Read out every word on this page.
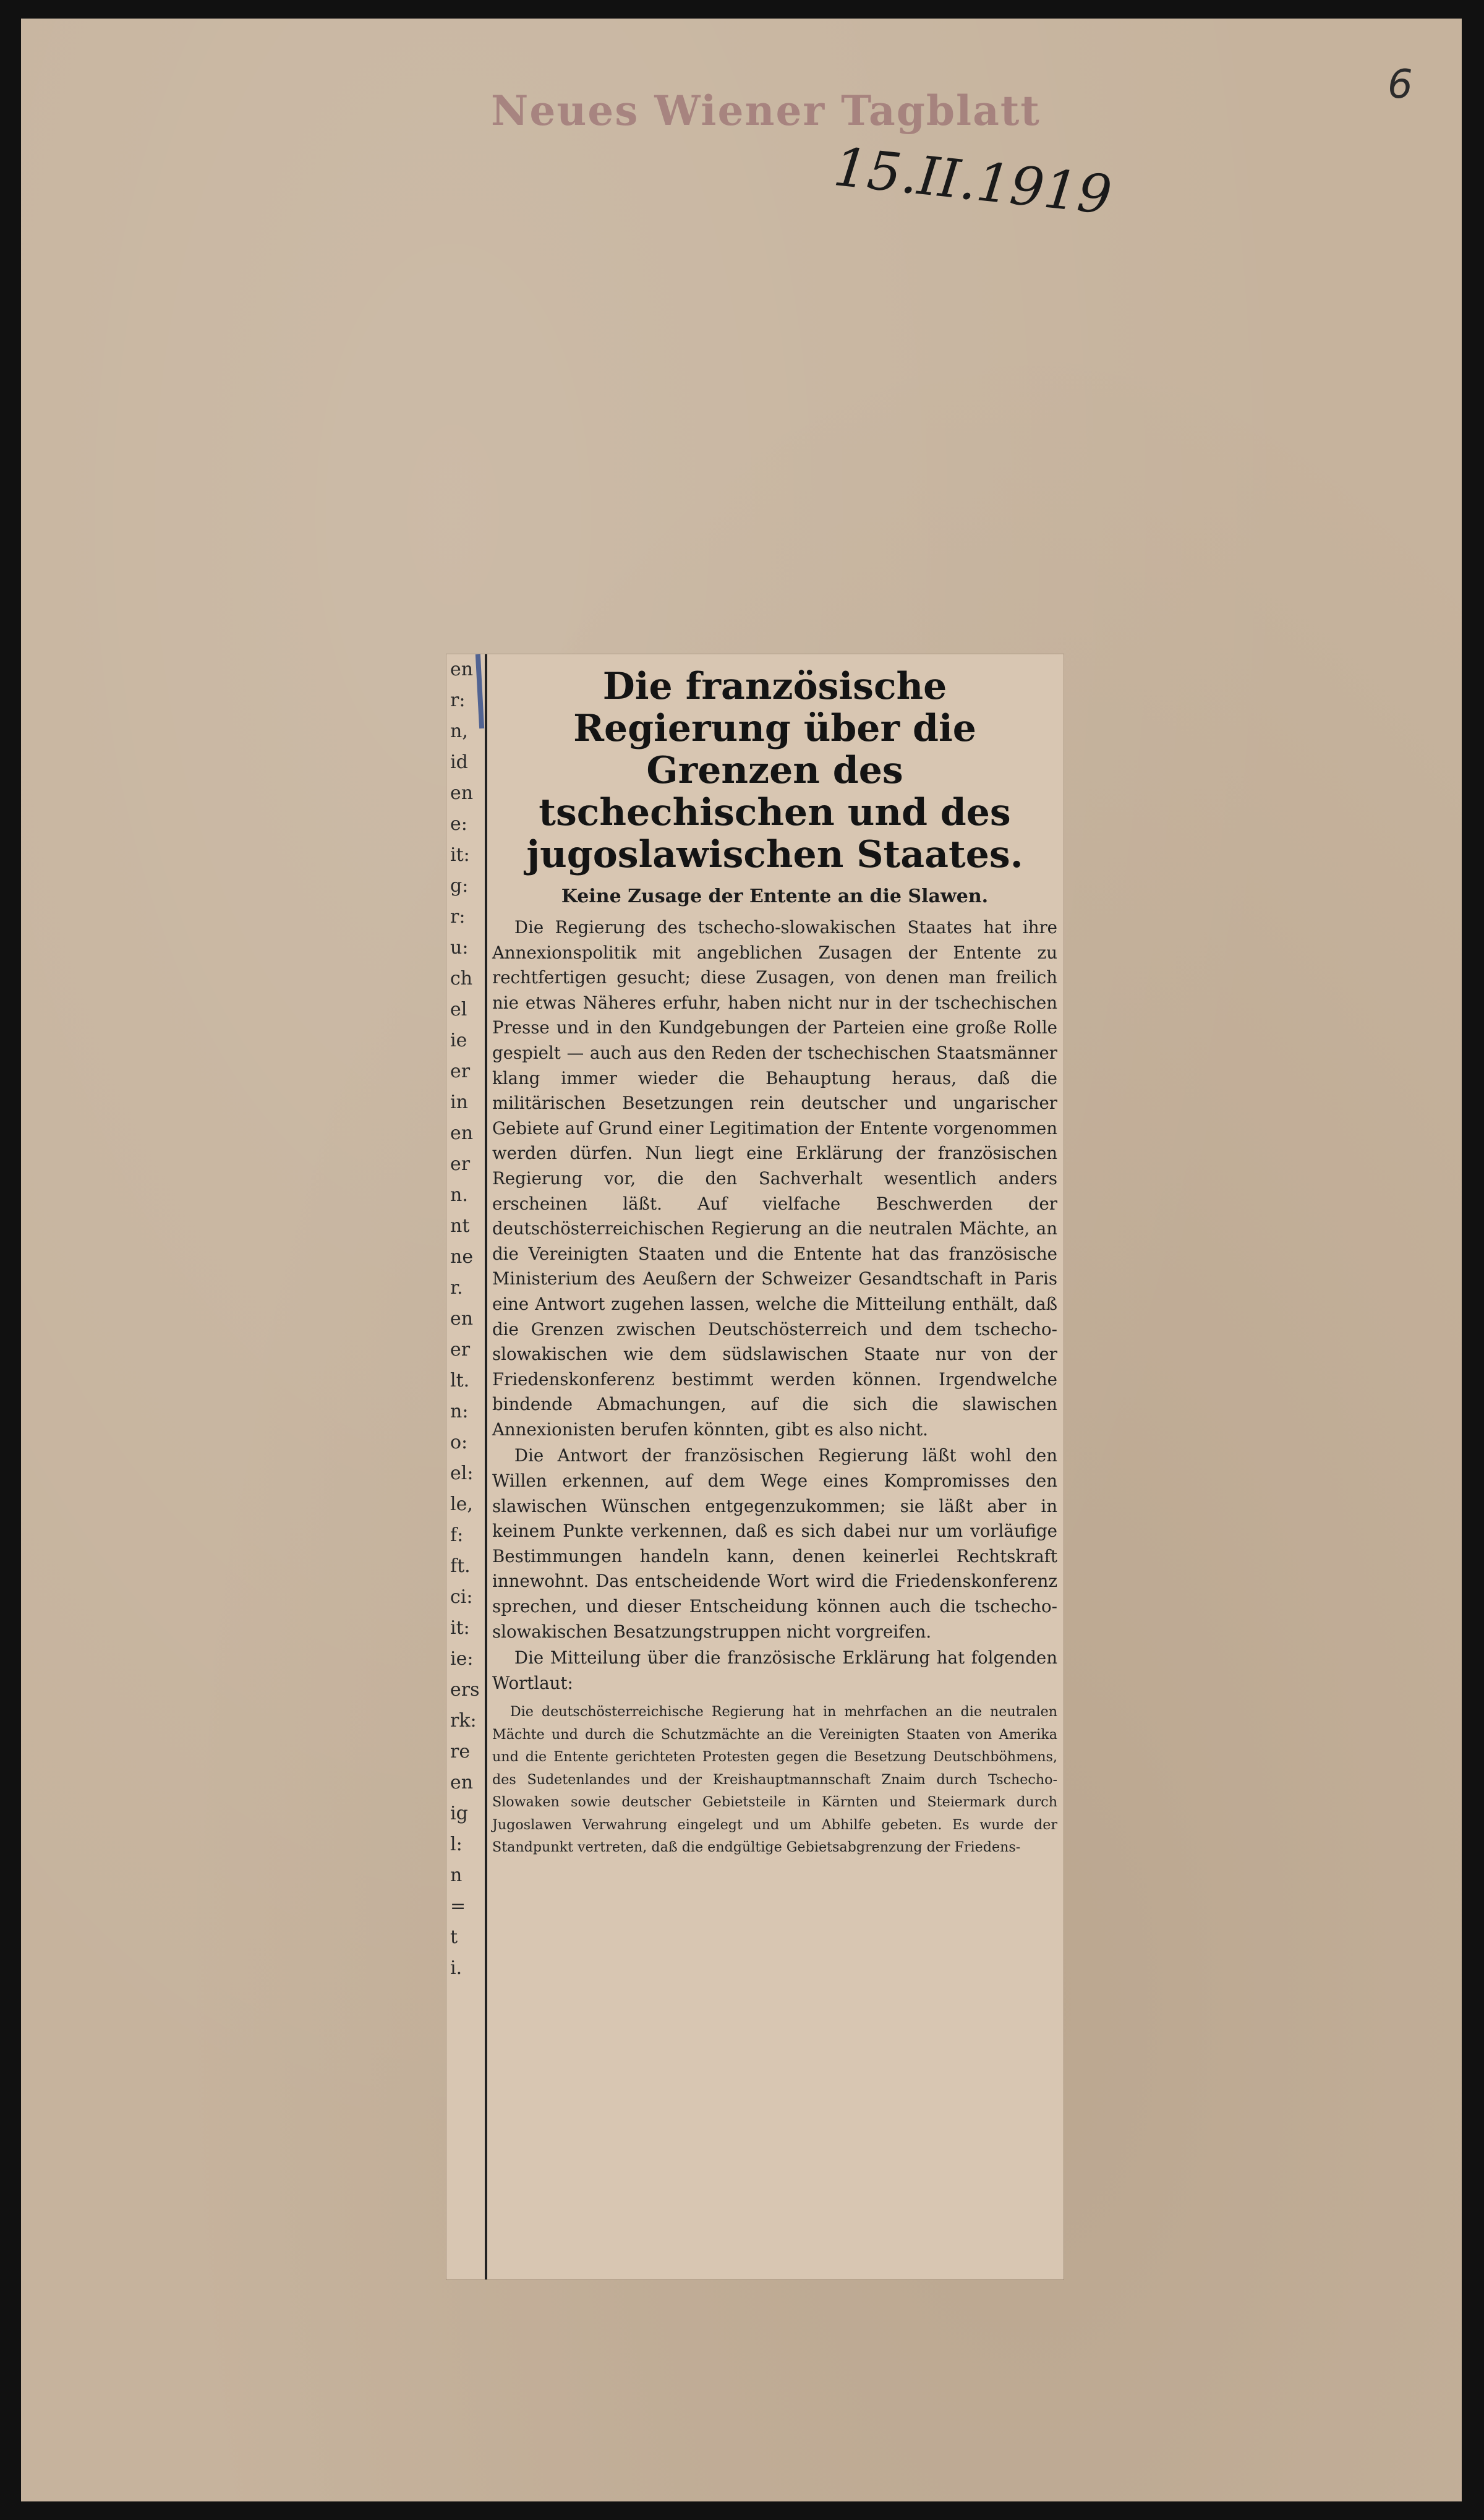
6
Neues Wiener Tagblatt
15.II.1919
en
r:
n,
id
en
e:
it:
g:
r:
u:
ch
el
ie
er
in
en
er
n.
nt
ne
r.
en
er
lt.
n:
o:
el:
le,
f:
ft.
ci:
it:
ie:
ers
rk:
re
en
ig
l:
n
=
t
i.
Die französische Regierung über die Grenzen des tschechischen und des jugoslawischen Staates.
Keine Zusage der Entente an die Slawen.

Die Regierung des tschecho-slowakischen Staates hat ihre Annexionspolitik mit angeblichen Zusagen der Entente zu rechtfertigen gesucht; diese Zusagen, von denen man freilich nie etwas Näheres erfuhr, haben nicht nur in der tschechischen Presse und in den Kundgebungen der Parteien eine große Rolle gespielt — auch aus den Reden der tschechischen Staatsmänner klang immer wieder die Behauptung heraus, daß die militärischen Besetzungen rein deutscher und ungarischer Gebiete auf Grund einer Legitimation der Entente vorgenommen werden dürfen. Nun liegt eine Erklärung der französischen Regierung vor, die den Sachverhalt wesentlich anders erscheinen läßt. Auf vielfache Beschwerden der deutschösterreichischen Regierung an die neutralen Mächte, an die Vereinigten Staaten und die Entente hat das französische Ministerium des Aeußern der Schweizer Gesandtschaft in Paris eine Antwort zugehen lassen, welche die Mitteilung enthält, daß die Grenzen zwischen Deutschösterreich und dem tschecho-slowakischen wie dem südslawischen Staate nur von der Friedenskonferenz bestimmt werden können. Irgendwelche bindende Abmachungen, auf die sich die slawischen Annexionisten berufen könnten, gibt es also nicht.

Die Antwort der französischen Regierung läßt wohl den Willen erkennen, auf dem Wege eines Kompromisses den slawischen Wünschen entgegenzukommen; sie läßt aber in keinem Punkte verkennen, daß es sich dabei nur um vorläufige Bestimmungen handeln kann, denen keinerlei Rechtskraft innewohnt. Das entscheidende Wort wird die Friedenskonferenz sprechen, und dieser Entscheidung können auch die tschecho-slowakischen Besatzungstruppen nicht vorgreifen.

Die Mitteilung über die französische Erklärung hat folgenden Wortlaut:

Die deutschösterreichische Regierung hat in mehrfachen an die neutralen Mächte und durch die Schutzmächte an die Vereinigten Staaten von Amerika und die Entente gerichteten Protesten gegen die Besetzung Deutschböhmens, des Sudetenlandes und der Kreishauptmannschaft Znaim durch Tschecho-Slowaken sowie deutscher Gebietsteile in Kärnten und Steiermark durch Jugoslawen Verwahrung eingelegt und um Abhilfe gebeten. Es wurde der Standpunkt vertreten, daß die endgültige Gebietsabgrenzung der Friedens-
